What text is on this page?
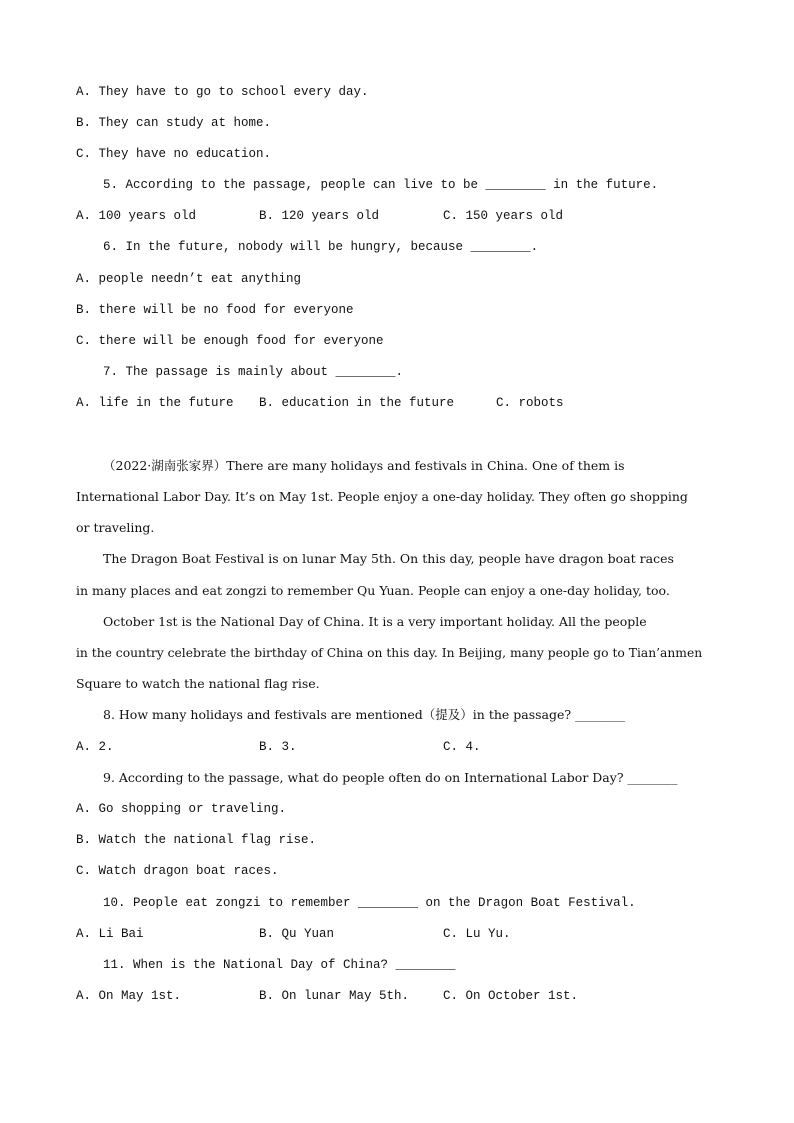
A. They have to go to school every day.
B. They can study at home.
C. They have no education.
5. According to the passage, people can live to be ________ in the future.
A. 100 years old	B. 120 years old	C. 150 years old
6. In the future, nobody will be hungry, because ________.
A. people needn’t eat anything
B. there will be no food for everyone
C. there will be enough food for everyone
7. The passage is mainly about ________.
A. life in the future B. education in the future	C. robots
（2022·湖南张家界）There are many holidays and festivals in China. One of them is
International Labor Day. It’s on May 1st. People enjoy a one-day holiday. They often go shopping
or traveling.
The Dragon Boat Festival is on lunar May 5th. On this day, people have dragon boat races
in many places and eat zongzi to remember Qu Yuan. People can enjoy a one-day holiday, too.
October 1st is the National Day of China. It is a very important holiday. All the people
in the country celebrate the birthday of China on this day. In Beijing, many people go to Tian’anmen
Square to watch the national flag rise.
8. How many holidays and festivals are mentioned（提及）in the passage? ________
A. 2.	B. 3.	C. 4.
9. According to the passage, what do people often do on International Labor Day? ________
A. Go shopping or traveling.
B. Watch the national flag rise.
C. Watch dragon boat races.
10. People eat zongzi to remember ________ on the Dragon Boat Festival.
A. Li Bai	B. Qu Yuan	C. Lu Yu.
11. When is the National Day of China? ________
A. On May 1st.	B. On lunar May 5th.	C. On October 1st.
